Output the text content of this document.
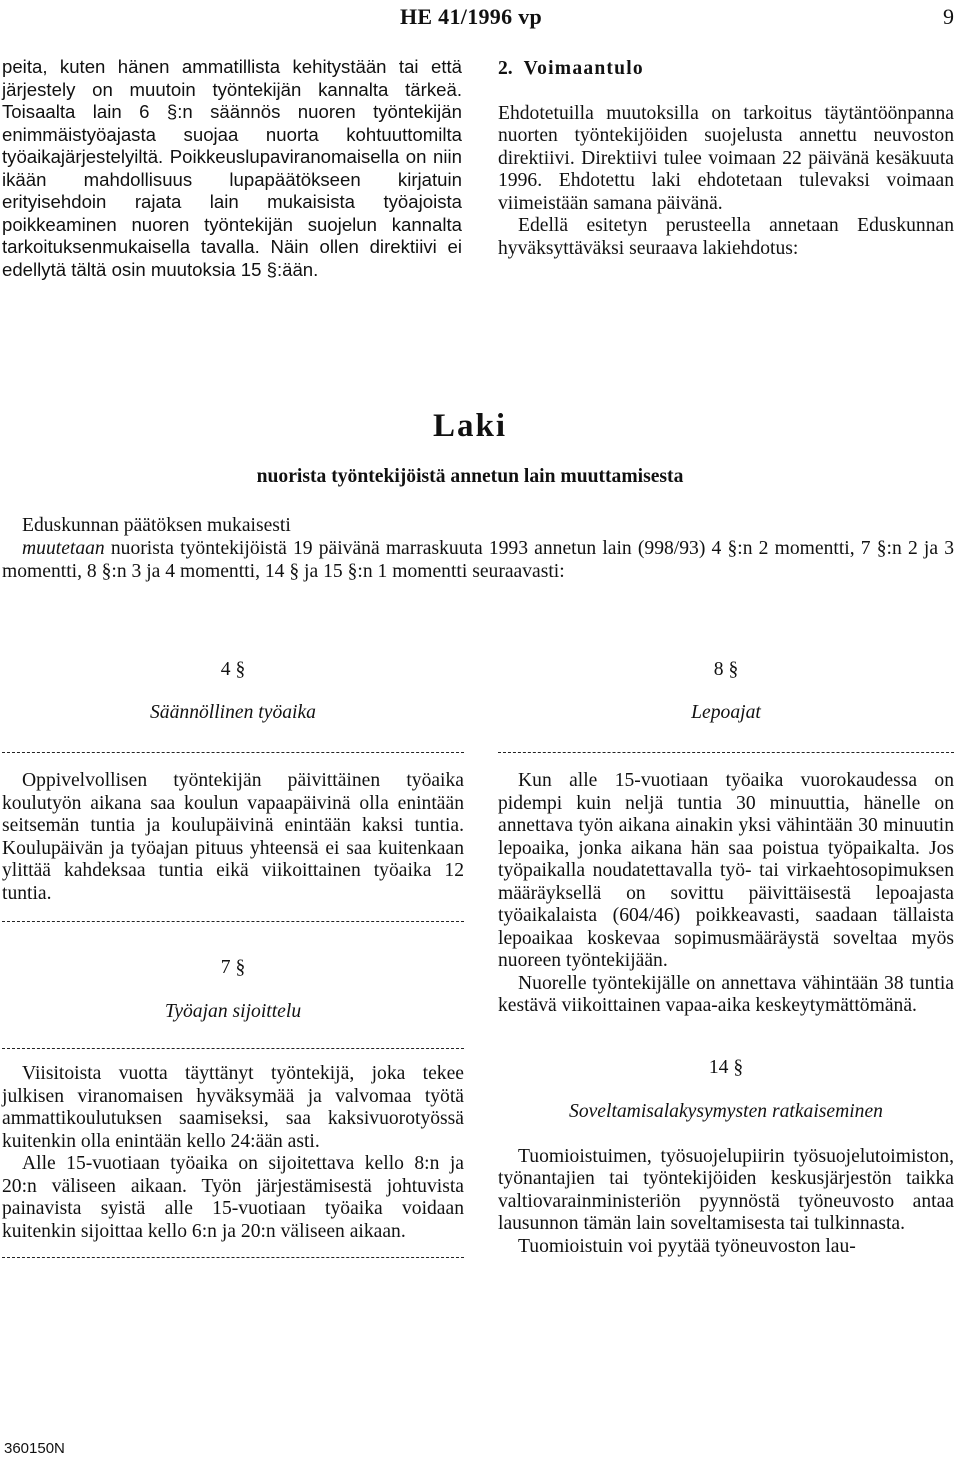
HE 41/1996 vp	9

peita, kuten hänen ammatillista kehitystään tai että järjestely on muutoin työntekijän kannalta tärkeä. Toisaalta lain 6 §:n säännös nuoren työntekijän enimmäistyöajasta suojaa nuorta kohtuuttomilta työaikajärjestelyiltä. Poikkeuslupaviranomaisella on niin ikään mahdollisuus lupapäätökseen kirjatuin erityisehdoin rajata lain mukaisista työajoista poikkeaminen nuoren työntekijän suojelun kannalta tarkoituksenmukaisella tavalla. Näin ollen direktiivi ei edellytä tältä osin muutoksia 15 §:ään.

2. Voimaantulo

Ehdotetuilla muutoksilla on tarkoitus täytäntöönpanna nuorten työntekijöiden suojelusta annettu neuvoston direktiivi. Direktiivi tulee voimaan 22 päivänä kesäkuuta 1996. Ehdotettu laki ehdotetaan tulevaksi voimaan viimeistään samana päivänä.

Edellä esitetyn perusteella annetaan Eduskunnan hyväksyttäväksi seuraava lakiehdotus:

Laki
nuorista työntekijöistä annetun lain muuttamisesta

Eduskunnan päätöksen mukaisesti

muutetaan nuorista työntekijöistä 19 päivänä marraskuuta 1993 annetun lain (998/93) 4 §:n 2 momentti, 7 §:n 2 ja 3 momentti, 8 §:n 3 ja 4 momentti, 14 § ja 15 §:n 1 momentti seuraavasti:

4 §

Säännöllinen työaika

Oppivelvollisen työntekijän päivittäinen työaika koulutyön aikana saa koulun vapaapäivinä olla enintään seitsemän tuntia ja koulupäivinä enintään kaksi tuntia. Koulupäivän ja työajan pituus yhteensä ei saa kuitenkaan ylittää kahdeksaa tuntia eikä viikoittainen työaika 12 tuntia.

7 §

Työajan sijoittelu

Viisitoista vuotta täyttänyt työntekijä, joka tekee julkisen viranomaisen hyväksymää ja valvomaa työtä ammattikoulutuksen saamiseksi, saa kaksivuorotyössä kuitenkin olla enintään kello 24:ään asti.

Alle 15-vuotiaan työaika on sijoitettava kello 8:n ja 20:n väliseen aikaan. Työn järjestämisestä johtuvista painavista syistä alle 15-vuotiaan työaika voidaan kuitenkin sijoittaa kello 6:n ja 20:n väliseen aikaan.

8 §

Lepoajat

Kun alle 15-vuotiaan työaika vuorokaudessa on pidempi kuin neljä tuntia 30 minuuttia, hänelle on annettava työn aikana ainakin yksi vähintään 30 minuutin lepoaika, jonka aikana hän saa poistua työpaikalta. Jos työpaikalla noudatettavalla työ- tai virkaehtosopimuksen määräyksellä on sovittu päivittäisestä lepoajasta työaikalaista (604/46) poikkeavasti, saadaan tällaista lepoaikaa koskevaa sopimusmääräystä soveltaa myös nuoreen työntekijään.

Nuorelle työntekijälle on annettava vähintään 38 tuntia kestävä viikoittainen vapaa-aika keskeytymättömänä.

14 §

Soveltamisalakysymysten ratkaiseminen

Tuomioistuimen, työsuojelupiirin työsuojelutoimiston, työnantajien tai työntekijöiden keskusjärjestön taikka valtiovarainministeriön pyynnöstä työneuvosto antaa lausunnon tämän lain soveltamisesta tai tulkinnasta.

Tuomioistuin voi pyytää työneuvoston lau-

360150N
